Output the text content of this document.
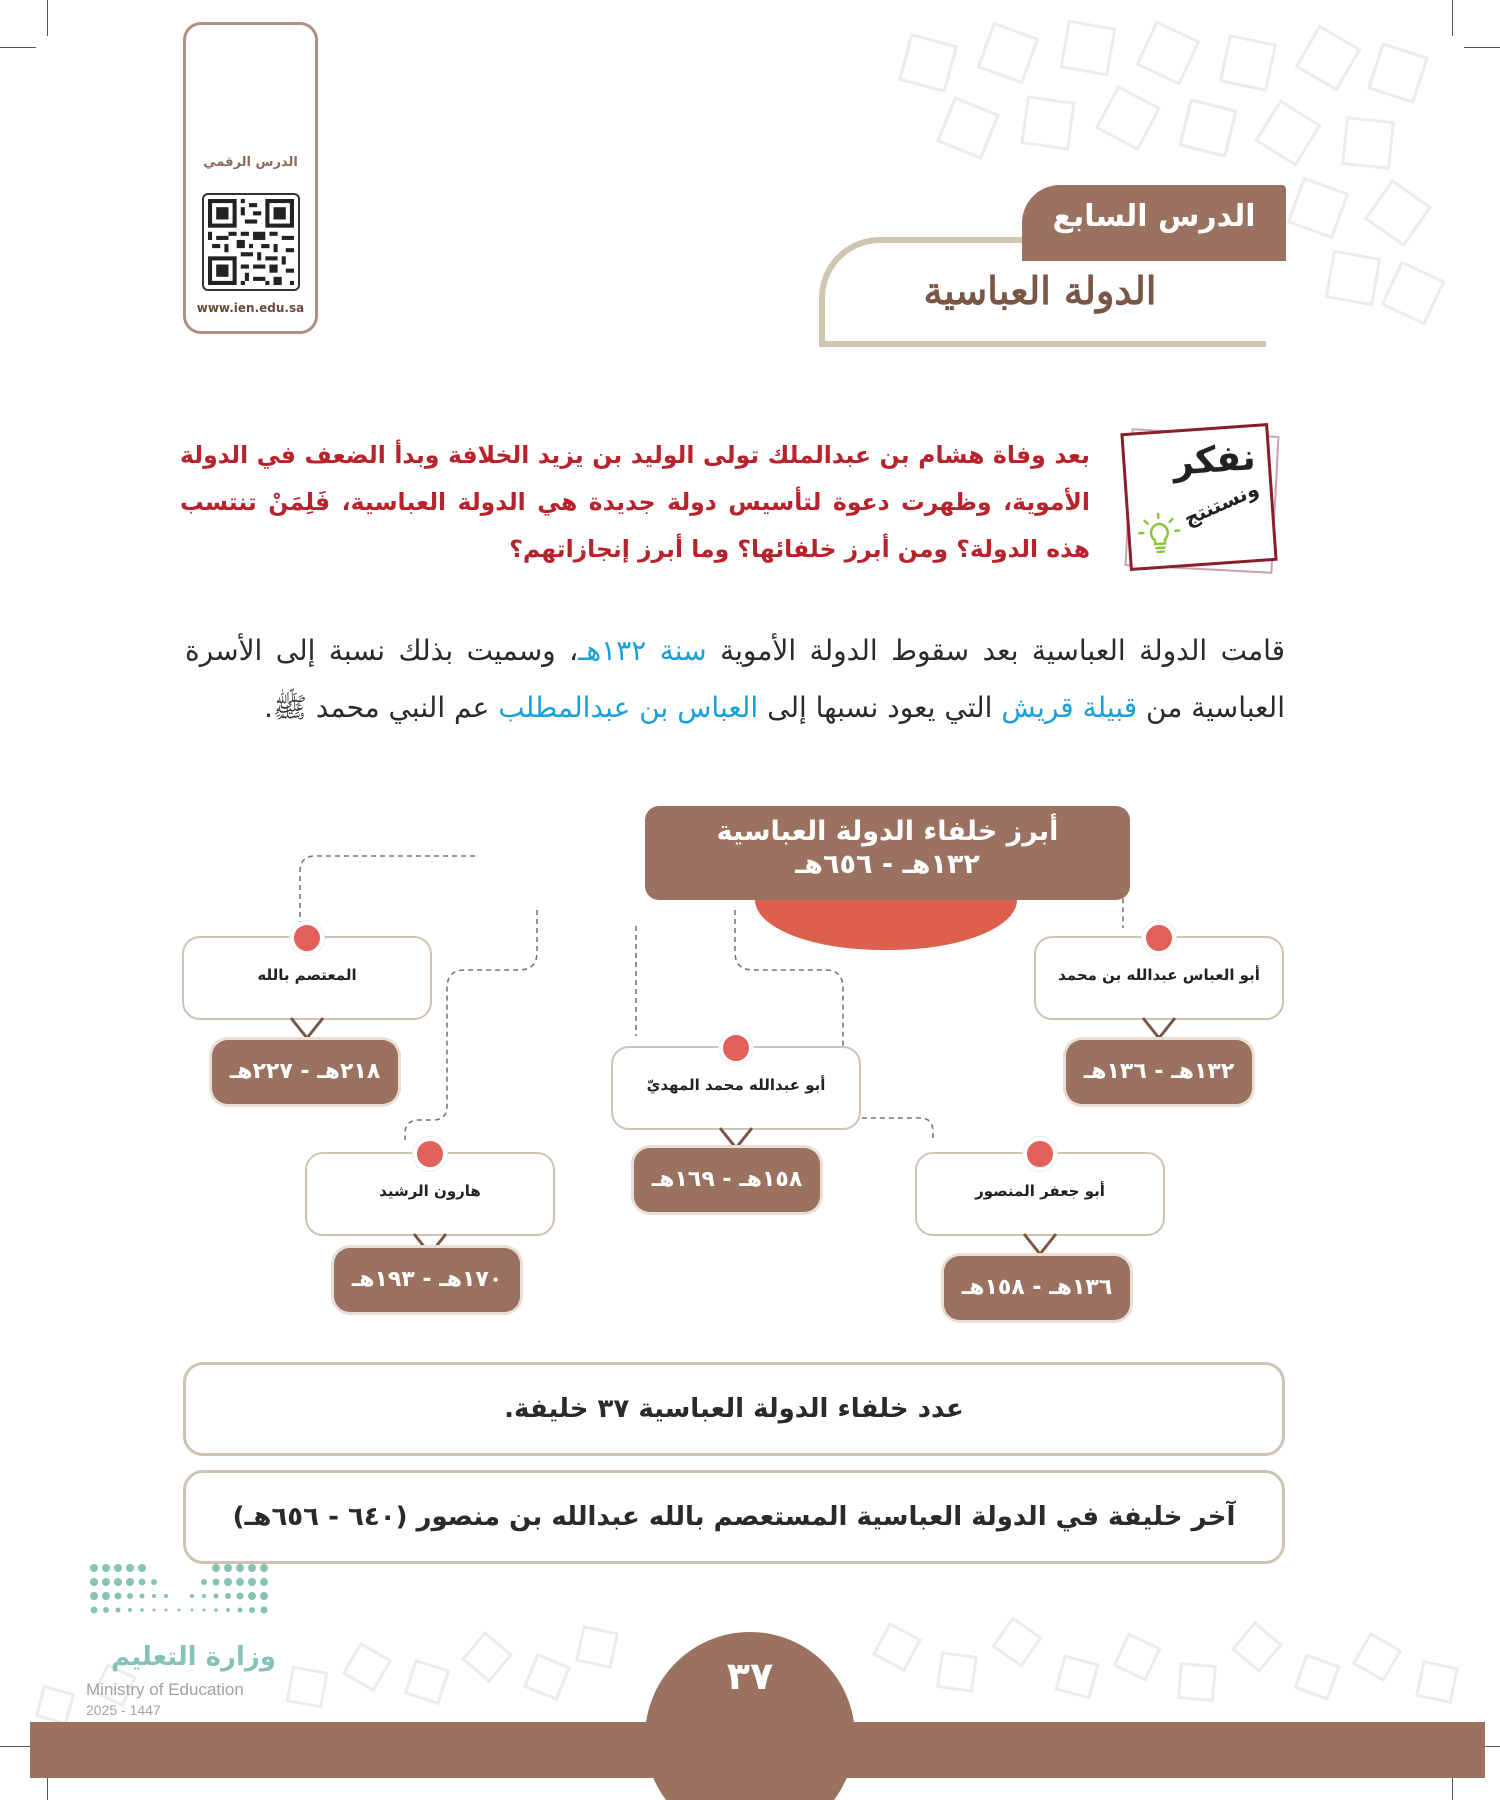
الدرس الرقمي
www.ien.edu.sa
الدرس السابع
الدولة العباسية
نفكر
ونستنتج
بعد وفاة هشام بن عبدالملك تولى الوليد بن يزيد الخلافة وبدأ الضعف في الدولة الأموية، وظهرت دعوة لتأسيس دولة جديدة هي الدولة العباسية، فَلِمَنْ تنتسب هذه الدولة؟ ومن أبرز خلفائها؟ وما أبرز إنجازاتهم؟
قامت الدولة العباسية بعد سقوط الدولة الأموية سنة ١٣٢هـ، وسميت بذلك نسبة إلى الأسرة العباسية من قبيلة قريش التي يعود نسبها إلى العباس بن عبدالمطلب عم النبي محمد ﷺ.
أبرز خلفاء الدولة العباسية
١٣٢هـ - ٦٥٦هـ
أبو العباس عبدالله بن محمد
١٣٢هـ - ١٣٦هـ
أبو جعفر المنصور
١٣٦هـ - ١٥٨هـ
أبو عبدالله محمد المهديّ
١٥٨هـ - ١٦٩هـ
هارون الرشيد
١٧٠هـ - ١٩٣هـ
المعتصم بالله
٢١٨هـ - ٢٢٧هـ
عدد خلفاء الدولة العباسية ٣٧ خليفة.
آخر خليفة في الدولة العباسية المستعصم بالله عبدالله بن منصور (٦٤٠ - ٦٥٦هـ)
٣٧
وزارة التعليم
Ministry of Education
2025 - 1447
